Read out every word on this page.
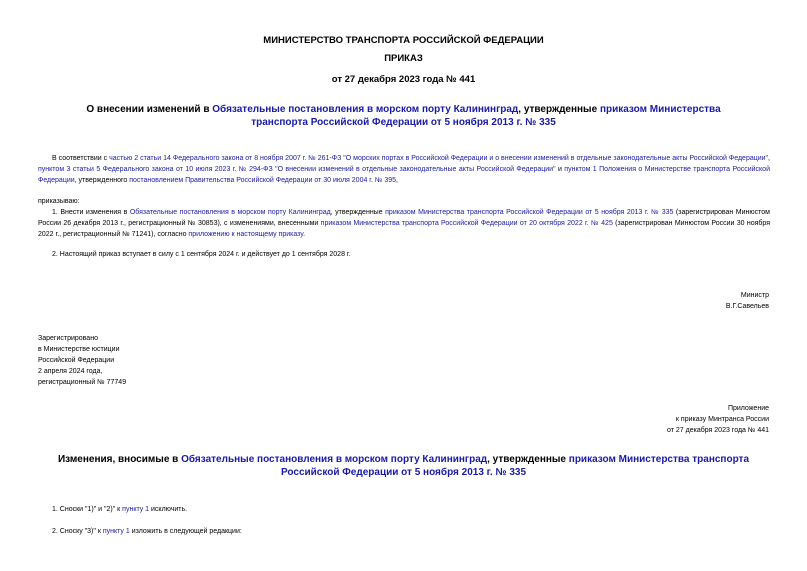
МИНИСТЕРСТВО ТРАНСПОРТА РОССИЙСКОЙ ФЕДЕРАЦИИ
ПРИКАЗ
от 27 декабря 2023 года № 441
О внесении изменений в Обязательные постановления в морском порту Калининград, утвержденные приказом Министерства транспорта Российской Федерации от 5 ноября 2013 г. № 335
В соответствии с частью 2 статьи 14 Федерального закона от 8 ноября 2007 г. № 261-ФЗ "О морских портах в Российской Федерации и о внесении изменений в отдельные законодательные акты Российской Федерации", пунктом 3 статьи 5 Федерального закона от 10 июля 2023 г. № 294-ФЗ "О внесении изменений в отдельные законодательные акты Российской Федерации" и пунктом 1 Положения о Министерстве транспорта Российской Федерации, утвержденного постановлением Правительства Российской Федерации от 30 июля 2004 г. № 395,
приказываю:
1. Внести изменения в Обязательные постановления в морском порту Калининград, утвержденные приказом Министерства транспорта Российской Федерации от 5 ноября 2013 г. № 335 (зарегистрирован Минюстом России 26 декабря 2013 г., регистрационный № 30853), с изменениями, внесенными приказом Министерства транспорта Российской Федерации от 20 октября 2022 г. № 425 (зарегистрирован Минюстом России 30 ноября 2022 г., регистрационный № 71241), согласно приложению к настоящему приказу.
2. Настоящий приказ вступает в силу с 1 сентября 2024 г. и действует до 1 сентября 2028 г.
Министр
В.Г.Савельев
Зарегистрировано
в Министерстве юстиции
Российской Федерации
2 апреля 2024 года,
регистрационный № 77749
Приложение
к приказу Минтранса России
от 27 декабря 2023 года № 441
Изменения, вносимые в Обязательные постановления в морском порту Калининград, утвержденные приказом Министерства транспорта Российской Федерации от 5 ноября 2013 г. № 335
1. Сноски "1)" и "2)" к пункту 1 исключить.
2. Сноску "3)" к пункту 1 изложить в следующей редакции:
